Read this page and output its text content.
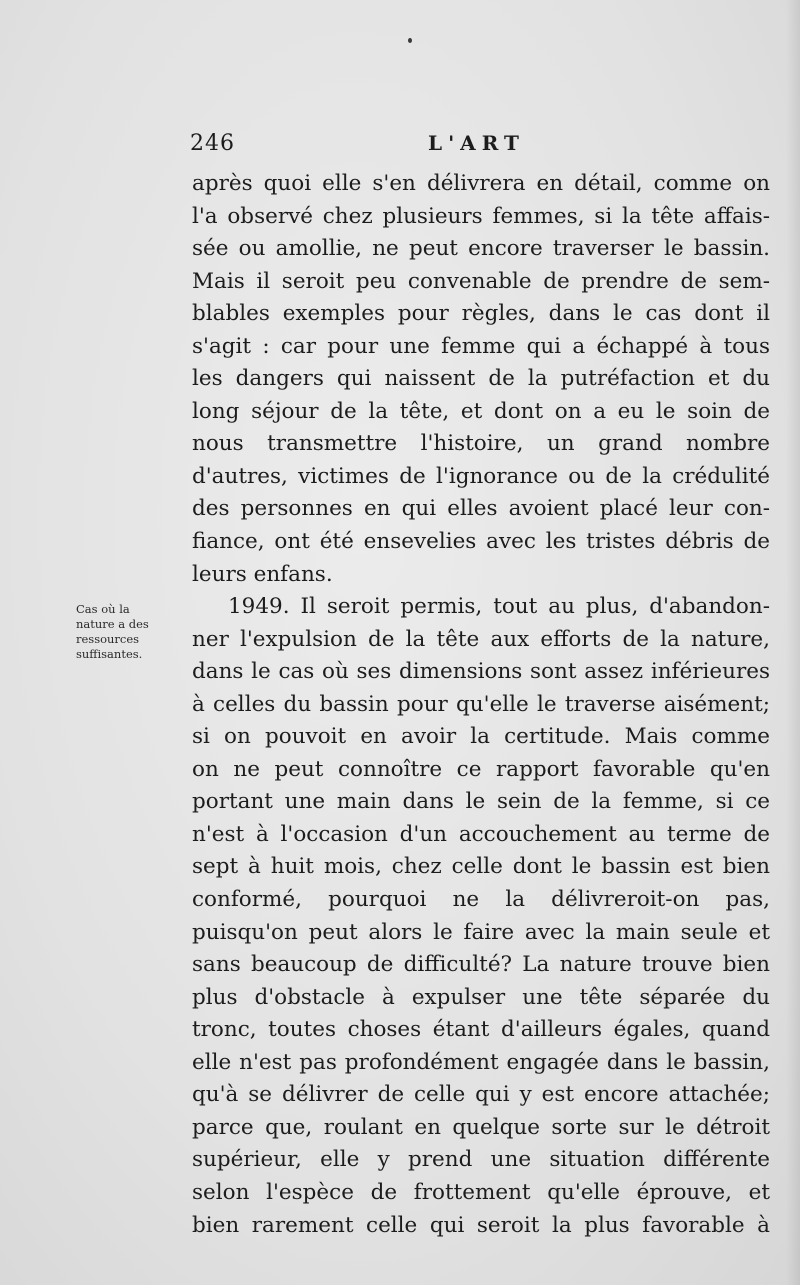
246	L'ART
Cas où la
nature a des
ressources
suffisantes.
après quoi elle s'en délivrera en détail, comme on
l'a observé chez plusieurs femmes, si la tête affais-
sée ou amollie, ne peut encore traverser le bassin.
Mais il seroit peu convenable de prendre de sem-
blables exemples pour règles, dans le cas dont il
s'agit : car pour une femme qui a échappé à tous
les dangers qui naissent de la putréfaction et du
long séjour de la tête, et dont on a eu le soin de
nous transmettre l'histoire, un grand nombre
d'autres, victimes de l'ignorance ou de la crédulité
des personnes en qui elles avoient placé leur con-
fiance, ont été ensevelies avec les tristes débris de
leurs enfans.
1949. Il seroit permis, tout au plus, d'abandon-
ner l'expulsion de la tête aux efforts de la nature,
dans le cas où ses dimensions sont assez inférieures
à celles du bassin pour qu'elle le traverse aisément;
si on pouvoit en avoir la certitude. Mais comme
on ne peut connoître ce rapport favorable qu'en
portant une main dans le sein de la femme, si ce
n'est à l'occasion d'un accouchement au terme de
sept à huit mois, chez celle dont le bassin est bien
conformé, pourquoi ne la délivreroit-on pas,
puisqu'on peut alors le faire avec la main seule et
sans beaucoup de difficulté? La nature trouve bien
plus d'obstacle à expulser une tête séparée du
tronc, toutes choses étant d'ailleurs égales, quand
elle n'est pas profondément engagée dans le bassin,
qu'à se délivrer de celle qui y est encore attachée;
parce que, roulant en quelque sorte sur le détroit
supérieur, elle y prend une situation différente
selon l'espèce de frottement qu'elle éprouve, et
bien rarement celle qui seroit la plus favorable à
